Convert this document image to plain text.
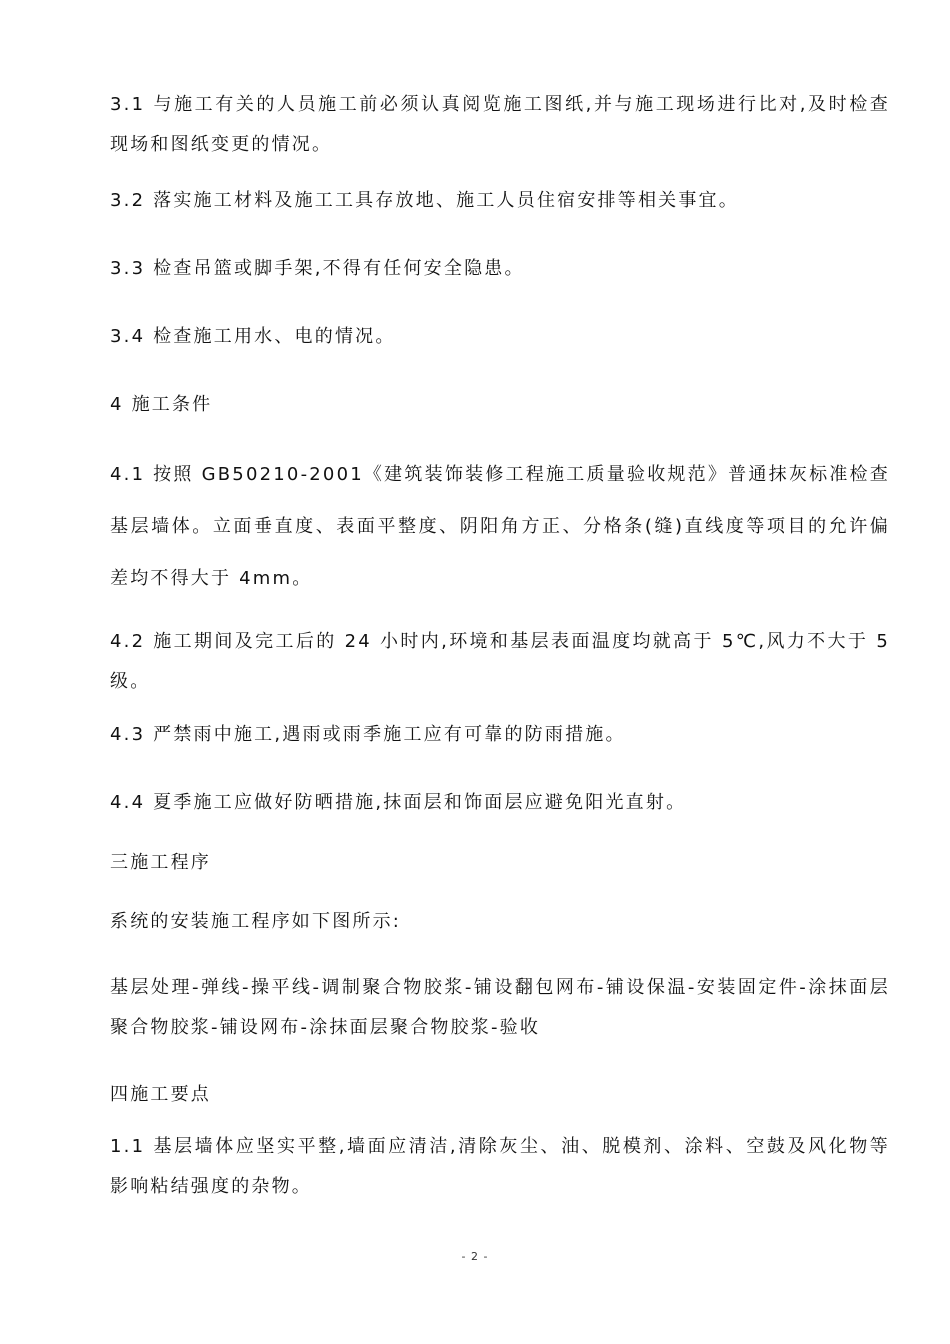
3.1 与施工有关的人员施工前必须认真阅览施工图纸,并与施工现场进行比对,及时检查现场和图纸变更的情况。

3.2 落实施工材料及施工工具存放地、施工人员住宿安排等相关事宜。

3.3 检查吊篮或脚手架,不得有任何安全隐患。

3.4 检查施工用水、电的情况。

4 施工条件

4.1 按照 GB50210-2001《建筑装饰装修工程施工质量验收规范》普通抹灰标准检查基层墙体。立面垂直度、表面平整度、阴阳角方正、分格条(缝)直线度等项目的允许偏差均不得大于 4mm。

4.2 施工期间及完工后的 24 小时内,环境和基层表面温度均就高于 5℃,风力不大于 5 级。

4.3 严禁雨中施工,遇雨或雨季施工应有可靠的防雨措施。

4.4 夏季施工应做好防晒措施,抹面层和饰面层应避免阳光直射。

三施工程序

系统的安装施工程序如下图所示:

基层处理-弹线-操平线-调制聚合物胶浆-铺设翻包网布-铺设保温-安装固定件-涂抹面层聚合物胶浆-铺设网布-涂抹面层聚合物胶浆-验收

四施工要点

1.1 基层墙体应坚实平整,墙面应清洁,清除灰尘、油、脱模剂、涂料、空鼓及风化物等影响粘结强度的杂物。

- 2 -
